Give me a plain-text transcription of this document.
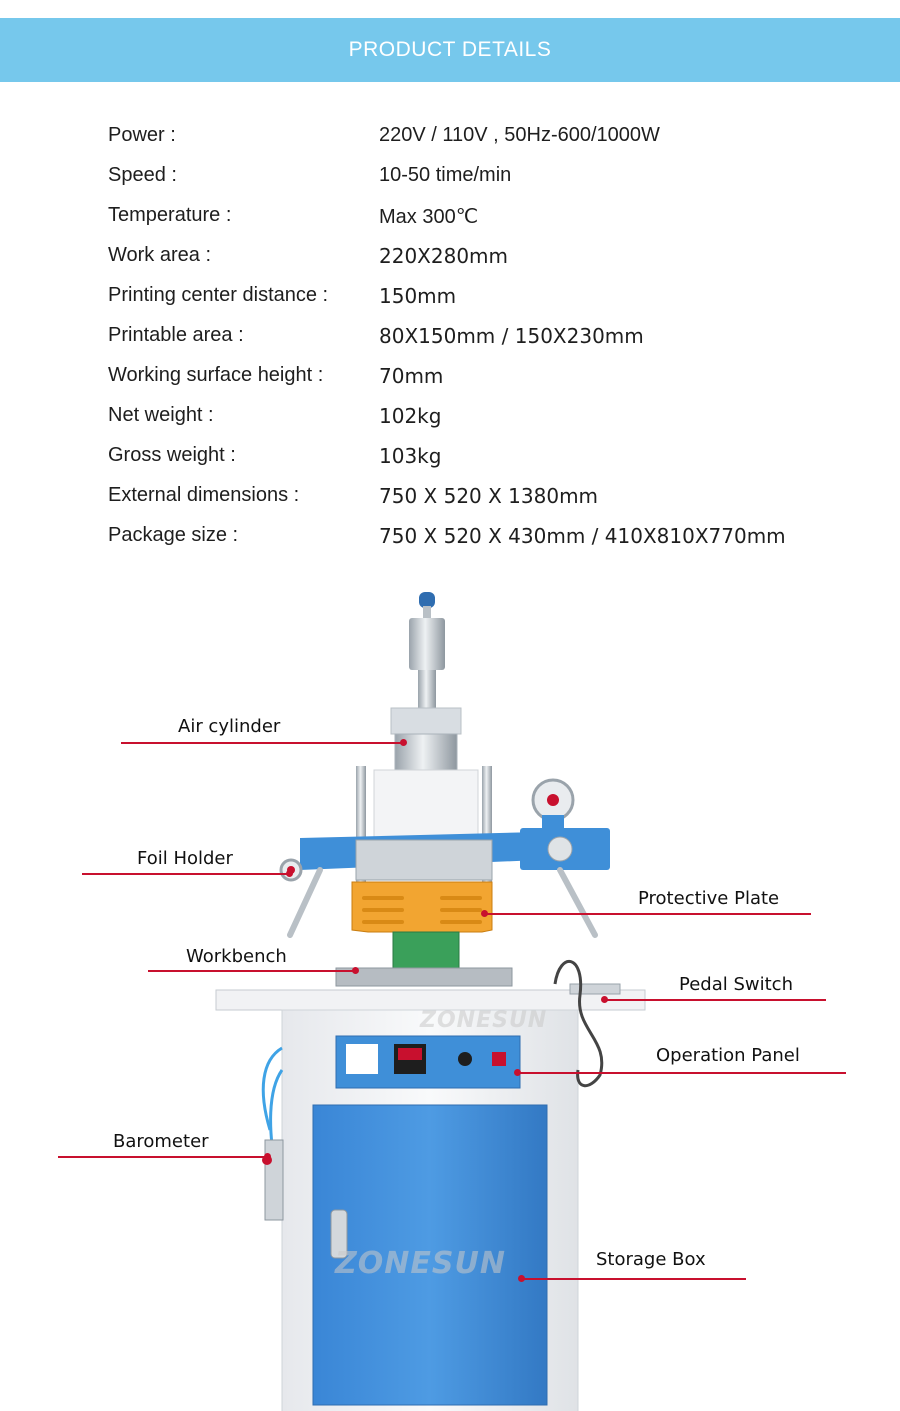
PRODUCT DETAILS
Power :	220V / 110V , 50Hz-600/1000W
Speed :	10-50 time/min
Temperature :	Max 300℃
Work area :	220X280mm
Printing center distance :	150mm
Printable area :	80X150mm / 150X230mm
Working surface height :	70mm
Net weight :	102kg
Gross weight :	103kg
External dimensions :	750 X 520 X 1380mm
Package size :	750 X 520 X 430mm / 410X810X770mm
Air cylinder
Foil Holder
Protective Plate
Workbench
Pedal Switch
Operation Panel
Barometer
Storage Box
ZONESUN
ZONESUN
